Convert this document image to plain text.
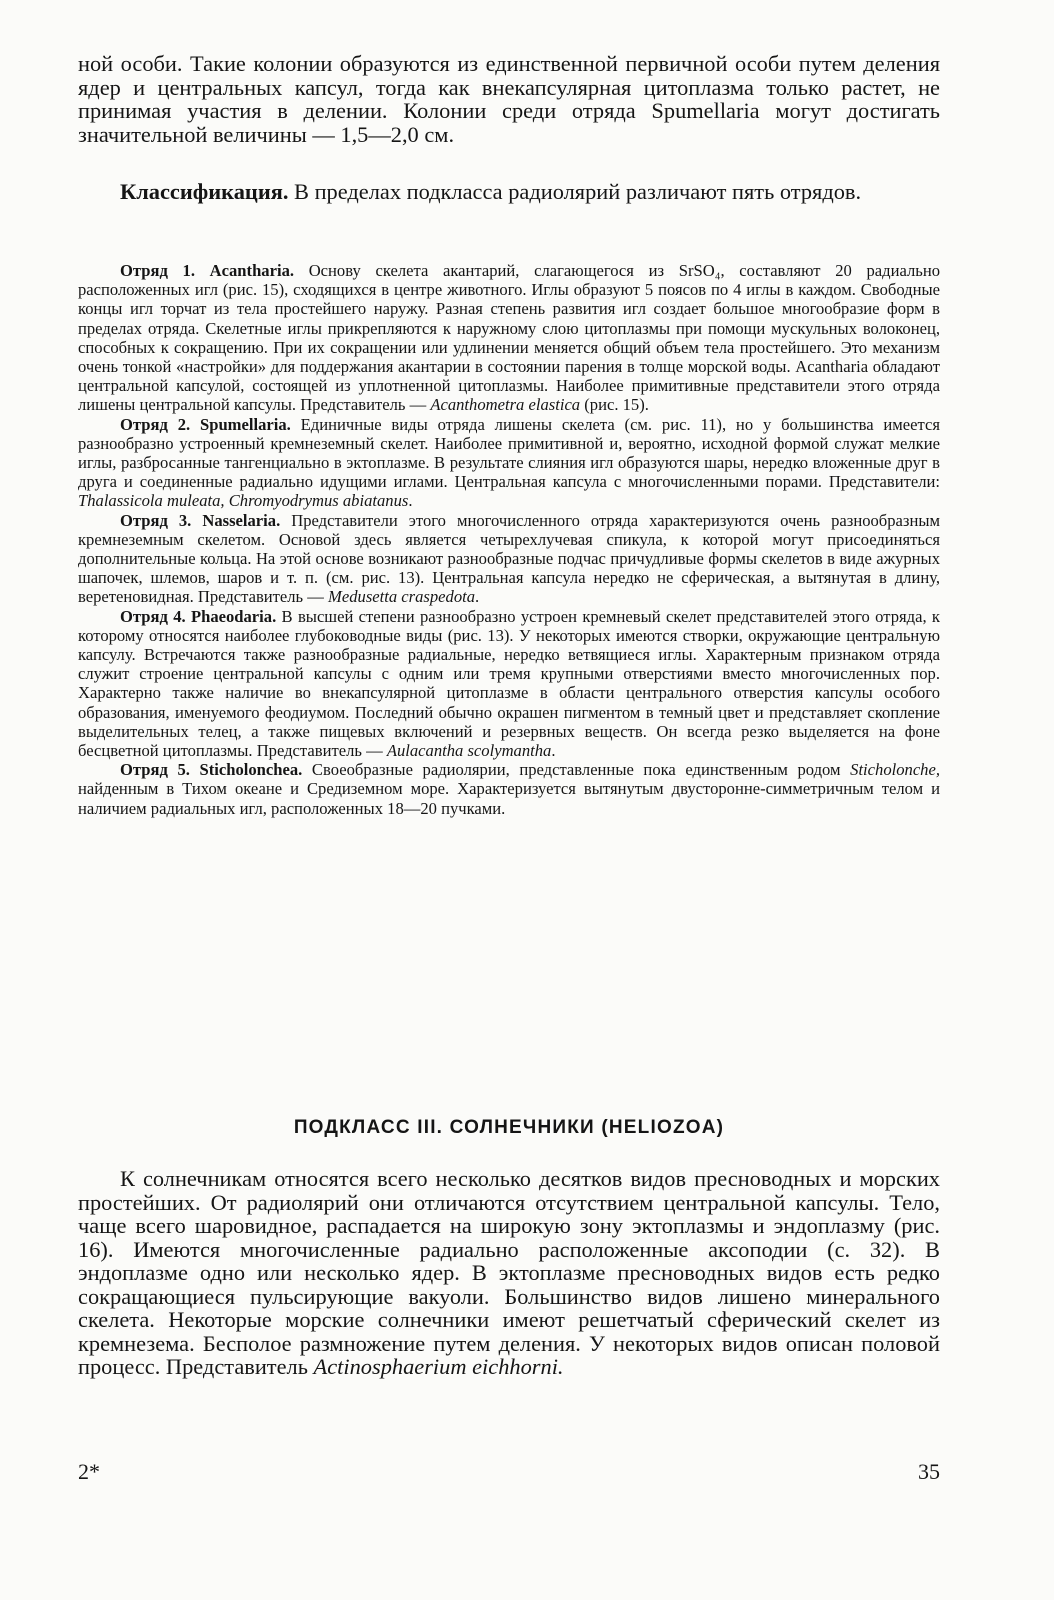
ной особи. Такие колонии образуются из единственной первичной особи путем деления ядер и центральных капсул, тогда как внекапсулярная цитоплазма только растет, не принимая участия в делении. Колонии среди отряда Spumellaria могут достигать значительной величины — 1,5—2,0 см.

Классификация. В пределах подкласса радиолярий различают пять отрядов.

Отряд 1. Acantharia. Основу скелета акантарий, слагающегося из SrSO₄, составляют 20 радиально расположенных игл (рис. 15), сходящихся в центре животного. Иглы образуют 5 поясов по 4 иглы в каждом. Свободные концы игл торчат из тела простейшего наружу. Разная степень развития игл создает большое многообразие форм в пределах отряда. Скелетные иглы прикрепляются к наружному слою цитоплазмы при помощи мускульных волоконец, способных к сокращению. При их сокращении или удлинении меняется общий объем тела простейшего. Это механизм очень тонкой «настройки» для поддержания акантарии в состоянии парения в толще морской воды. Acantharia обладают центральной капсулой, состоящей из уплотненной цитоплазмы. Наиболее примитивные представители этого отряда лишены центральной капсулы. Представитель — Acanthometra elastica (рис. 15).

Отряд 2. Spumellaria. Единичные виды отряда лишены скелета (см. рис. 11), но у большинства имеется разнообразно устроенный кремнеземный скелет. Наиболее примитивной и, вероятно, исходной формой служат мелкие иглы, разбросанные тангенциально в эктоплазме. В результате слияния игл образуются шары, нередко вложенные друг в друга и соединенные радиально идущими иглами. Центральная капсула с многочисленными порами. Представители: Thalassicola muleata, Chromyodrymus abiatanus.

Отряд 3. Nasselaria. Представители этого многочисленного отряда характеризуются очень разнообразным кремнеземным скелетом. Основой здесь является четырехлучевая спикула, к которой могут присоединяться дополнительные кольца. На этой основе возникают разнообразные подчас причудливые формы скелетов в виде ажурных шапочек, шлемов, шаров и т. п. (см. рис. 13). Центральная капсула нередко не сферическая, а вытянутая в длину, веретеновидная. Представитель — Medusetta craspedota.

Отряд 4. Phaeodaria. В высшей степени разнообразно устроен кремневый скелет представителей этого отряда, к которому относятся наиболее глубоководные виды (рис. 13). У некоторых имеются створки, окружающие центральную капсулу. Встречаются также разнообразные радиальные, нередко ветвящиеся иглы. Характерным признаком отряда служит строение центральной капсулы с одним или тремя крупными отверстиями вместо многочисленных пор. Характерно также наличие во внекапсулярной цитоплазме в области центрального отверстия капсулы особого образования, именуемого феодиумом. Последний обычно окрашен пигментом в темный цвет и представляет скопление выделительных телец, а также пищевых включений и резервных веществ. Он всегда резко выделяется на фоне бесцветной цитоплазмы. Представитель — Aulacantha scolymantha.

Отряд 5. Sticholonchea. Своеобразные радиолярии, представленные пока единственным родом Sticholonche, найденным в Тихом океане и Средиземном море. Характеризуется вытянутым двусторонне-симметричным телом и наличием радиальных игл, расположенных 18—20 пучками.

ПОДКЛАСС III. СОЛНЕЧНИКИ (HELIOZOA)

К солнечникам относятся всего несколько десятков видов пресноводных и морских простейших. От радиолярий они отличаются отсутствием центральной капсулы. Тело, чаще всего шаровидное, распадается на широкую зону эктоплазмы и эндоплазму (рис. 16). Имеются многочисленные радиально расположенные аксоподии (с. 32). В эндоплазме одно или несколько ядер. В эктоплазме пресноводных видов есть редко сокращающиеся пульсирующие вакуоли. Большинство видов лишено минерального скелета. Некоторые морские солнечники имеют решетчатый сферический скелет из кремнезема. Бесполое размножение путем деления. У некоторых видов описан половой процесс. Представитель Actinosphaerium eichhorni.

2*	35
